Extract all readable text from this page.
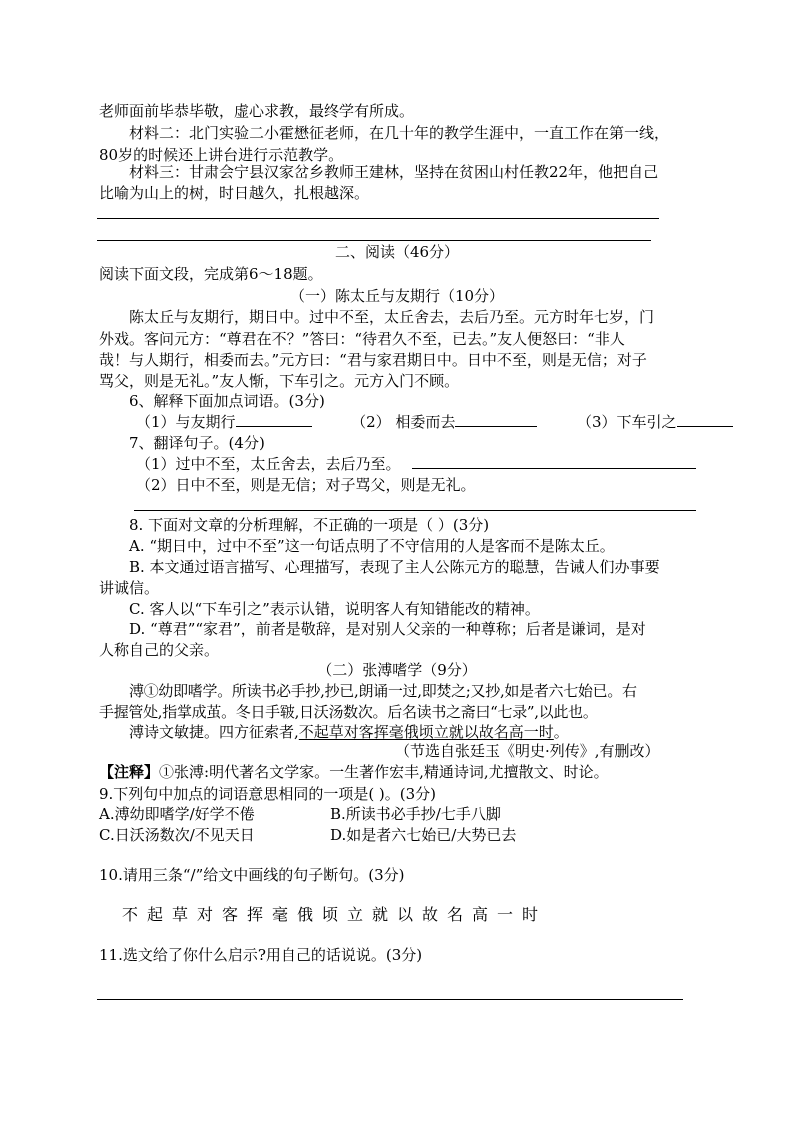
老师面前毕恭毕敬，虚心求教，最终学有所成。
材料二：北门实验二小霍懋征老师，在几十年的教学生涯中，一直工作在第一线，
80岁的时候还上讲台进行示范教学。
材料三：甘肃会宁县汉家岔乡教师王建林，坚持在贫困山村任教22年，他把自己
比喻为山上的树，时日越久，扎根越深。
二、阅读（46分）
阅读下面文段，完成第6～18题。
（一）陈太丘与友期行（10分）
陈太丘与友期行，期日中。过中不至，太丘舍去，去后乃至。元方时年七岁，门
外戏。客问元方：“尊君在不？”答曰：“待君久不至，已去。”友人便怒曰：“非人
哉！与人期行，相委而去。”元方曰：“君与家君期日中。日中不至，则是无信；对子
骂父，则是无礼。”友人惭，下车引之。元方入门不顾。
6、解释下面加点词语。(3分)
（1）与友期行	（2） 相委而去	（3）下车引之
7、翻译句子。(4分)
（1）过中不至，太丘舍去，去后乃至。
（2）日中不至，则是无信；对子骂父，则是无礼。
8. 下面对文章的分析理解，不正确的一项是（ ）(3分)
A. “期日中，过中不至”这一句话点明了不守信用的人是客而不是陈太丘。
B. 本文通过语言描写、心理描写，表现了主人公陈元方的聪慧，告诫人们办事要
讲诚信。
C. 客人以“下车引之”表示认错，说明客人有知错能改的精神。
D. “尊君”“家君”，前者是敬辞，是对别人父亲的一种尊称；后者是谦词，是对
人称自己的父亲。
（二）张溥嗜学（9分）
溥①幼即嗜学。所读书必手抄,抄已,朗诵一过,即焚之;又抄,如是者六七始已。右
手握管处,指掌成茧。冬日手皲,日沃汤数次。后名读书之斋曰“七录”,以此也。
溥诗文敏捷。四方征索者,不起草对客挥毫俄顷立就以故名高一时。
（节选自张廷玉《明史·列传》,有删改）
【注释】①张溥:明代著名文学家。一生著作宏丰,精通诗词,尤擅散文、时论。
9.下列句中加点的词语意思相同的一项是( )。(3分)
A.溥幼即嗜学/好学不倦	B.所读书必手抄/七手八脚
C.日沃汤数次/不见天日	D.如是者六七始已/大势已去
10.请用三条“/”给文中画线的句子断句。(3分)
不起草对客挥毫俄顷立就以故名高一时
11.选文给了你什么启示?用自己的话说说。(3分)
